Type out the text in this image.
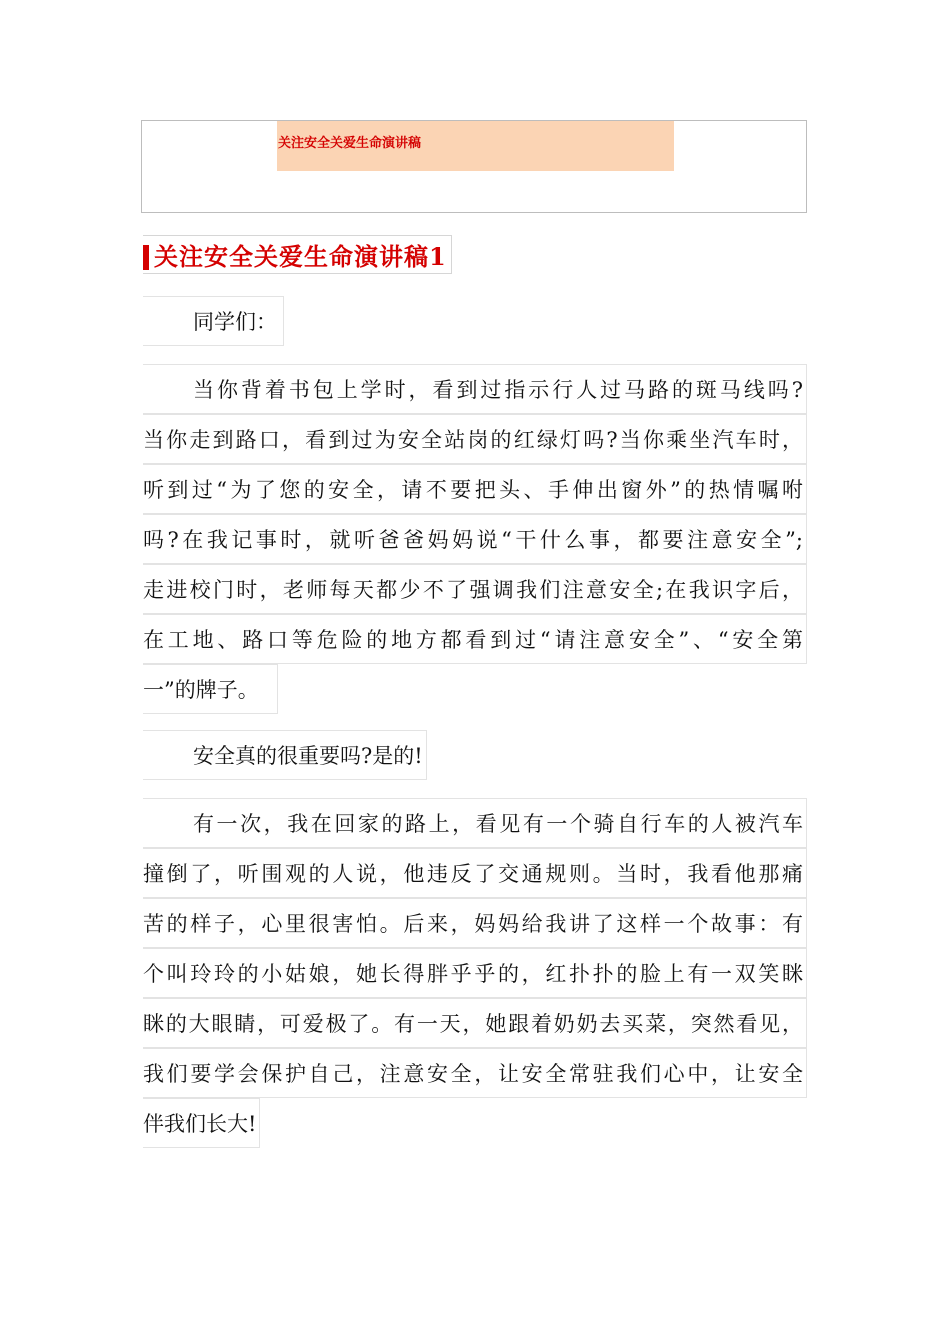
关注安全关爱生命演讲稿
关注安全关爱生命演讲稿1
同学们：
当你背着书包上学时，看到过指示行人过马路的斑马线吗?
当你走到路口，看到过为安全站岗的红绿灯吗?当你乘坐汽车时，
听到过“为了您的安全，请不要把头、手伸出窗外”的热情嘱咐
吗?在我记事时，就听爸爸妈妈说“干什么事，都要注意安全”;
走进校门时，老师每天都少不了强调我们注意安全;在我识字后，
在工地、路口等危险的地方都看到过“请注意安全”、“安全第
一”的牌子。
安全真的很重要吗?是的!
有一次，我在回家的路上，看见有一个骑自行车的人被汽车
撞倒了，听围观的人说，他违反了交通规则。当时，我看他那痛
苦的样子，心里很害怕。后来，妈妈给我讲了这样一个故事：有
个叫玲玲的小姑娘，她长得胖乎乎的，红扑扑的脸上有一双笑眯
眯的大眼睛，可爱极了。有一天，她跟着奶奶去买菜，突然看见，
我们要学会保护自己，注意安全，让安全常驻我们心中，让安全
伴我们长大!
